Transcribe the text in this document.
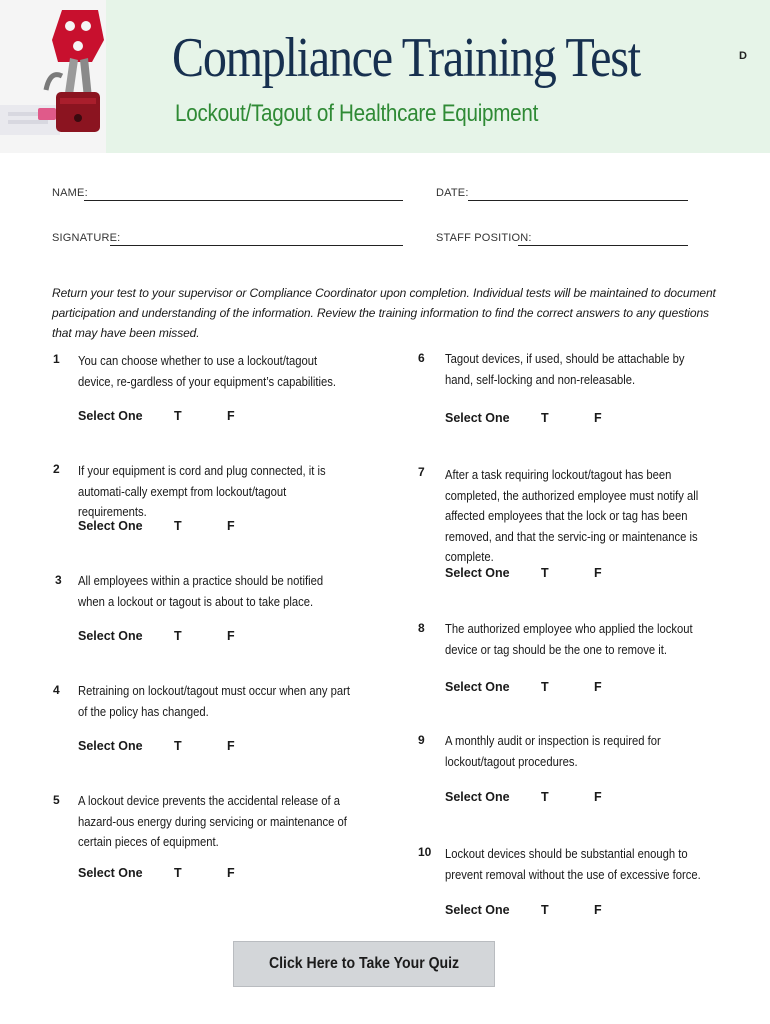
Compliance Training Test
Lockout/Tagout of Healthcare Equipment
D
NAME:	DATE:
SIGNATURE:	STAFF POSITION:
Return your test to your supervisor or Compliance Coordinator upon completion. Individual tests will be maintained to document participation and understanding of the information. Review the training information to find the correct answers to any questions that may have been missed.
1 You can choose whether to use a lockout/tagout device, re-gardless of your equipment’s capabilities.
Select One	T	F
2 If your equipment is cord and plug connected, it is automati-cally exempt from lockout/tagout requirements.
Select One	T	F
3 All employees within a practice should be notified when a lockout or tagout is about to take place.
Select One	T	F
4 Retraining on lockout/tagout must occur when any part of the policy has changed.
Select One	T	F
5 A lockout device prevents the accidental release of a hazard-ous energy during servicing or maintenance of certain pieces of equipment.
Select One	T	F
6 Tagout devices, if used, should be attachable by hand, self-locking and non-releasable.
Select One	T	F
7 After a task requiring lockout/tagout has been completed, the authorized employee must notify all affected employees that the lock or tag has been removed, and that the servic-ing or maintenance is complete.
Select One	T	F
8 The authorized employee who applied the lockout device or tag should be the one to remove it.
Select One	T	F
9 A monthly audit or inspection is required for lockout/tagout procedures.
Select One	T	F
10 Lockout devices should be substantial enough to prevent removal without the use of excessive force.
Select One	T	F
Click Here to Take Your Quiz
